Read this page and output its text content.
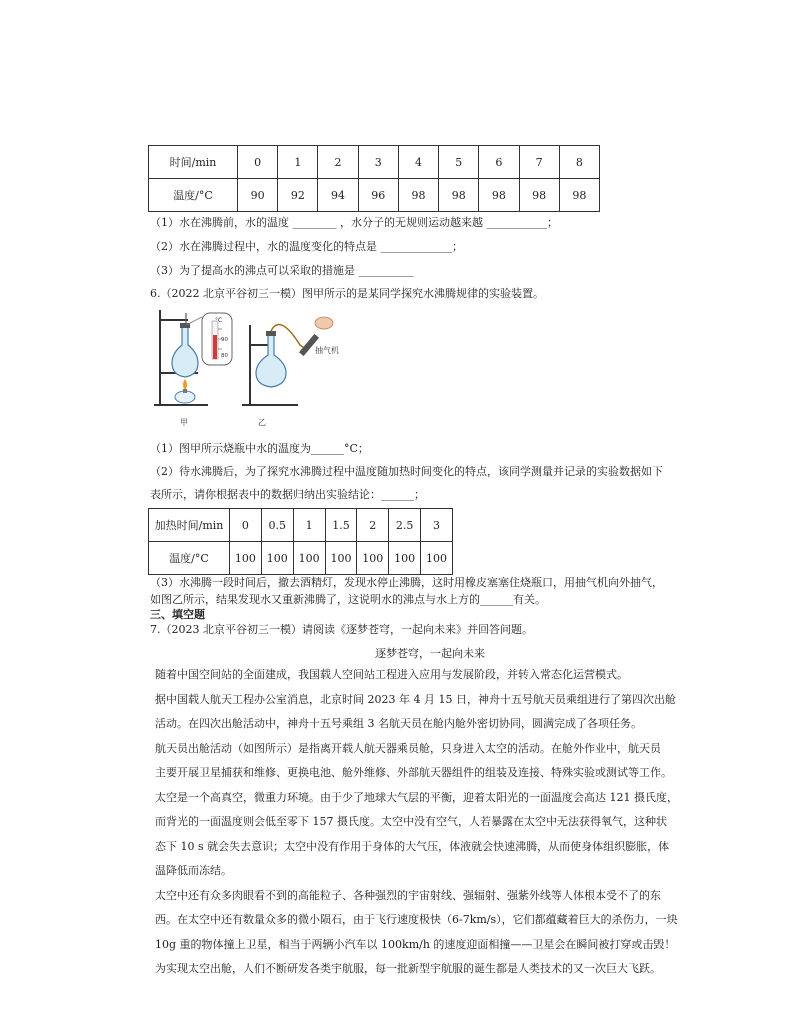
时间/min	0	1	2	3	4	5	6	7	8
温度/°C	90	92	94	96	98	98	98	98	98
（1）水在沸腾前，水的温度 ________ ，水分子的无规则运动越来越 ___________；
（2）水在沸腾过程中，水的温度变化的特点是 _____________；
（3）为了提高水的沸点可以采取的措施是 __________
6.（2022 北京平谷初三一模）图甲所示的是某同学探究水沸腾规律的实验装置。
°C
90
80
抽气机
甲	乙
（1）图甲所示烧瓶中水的温度为______°C；
（2）待水沸腾后，为了探究水沸腾过程中温度随加热时间变化的特点，该同学测量并记录的实验数据如下
表所示，请你根据表中的数据归纳出实验结论：______；
加热时间/min	0	0.5	1	1.5	2	2.5	3
温度/°C	100	100	100	100	100	100	100
（3）水沸腾一段时间后，撤去酒精灯，发现水停止沸腾，这时用橡皮塞塞住烧瓶口，用抽气机向外抽气，
如图乙所示，结果发现水又重新沸腾了，这说明水的沸点与水上方的______有关。
三、填空题
7.（2023 北京平谷初三一模）请阅读《逐梦苍穹，一起向未来》并回答问题。
逐梦苍穹，一起向未来
随着中国空间站的全面建成，我国载人空间站工程进入应用与发展阶段，并转入常态化运营模式。
据中国载人航天工程办公室消息，北京时间 2023 年 4 月 15 日，神舟十五号航天员乘组进行了第四次出舱
活动。在四次出舱活动中，神舟十五号乘组 3 名航天员在舱内舱外密切协同，圆满完成了各项任务。
航天员出舱活动（如图所示）是指离开载人航天器乘员舱，只身进入太空的活动。在舱外作业中，航天员
主要开展卫星捕获和维修、更换电池、舱外维修、外部航天器组件的组装及连接、特殊实验或测试等工作。
太空是一个高真空，微重力环境。由于少了地球大气层的平衡，迎着太阳光的一面温度会高达 121 摄氏度，
而背光的一面温度则会低至零下 157 摄氏度。太空中没有空气，人若暴露在太空中无法获得氧气，这种状
态下 10 s 就会失去意识；太空中没有作用于身体的大气压，体液就会快速沸腾，从而使身体组织膨胀，体
温降低而冻结。
太空中还有众多肉眼看不到的高能粒子、各种强烈的宇宙射线、强辐射、强紫外线等人体根本受不了的东
西。在太空中还有数量众多的微小陨石，由于飞行速度极快（6-7km/s），它们都蕴藏着巨大的杀伤力，一块
10g 重的物体撞上卫星，相当于两辆小汽车以 100km/h 的速度迎面相撞——卫星会在瞬间被打穿或击毁！
为实现太空出舱，人们不断研发各类宇航服，每一批新型宇航服的诞生都是人类技术的又一次巨大飞跃。
